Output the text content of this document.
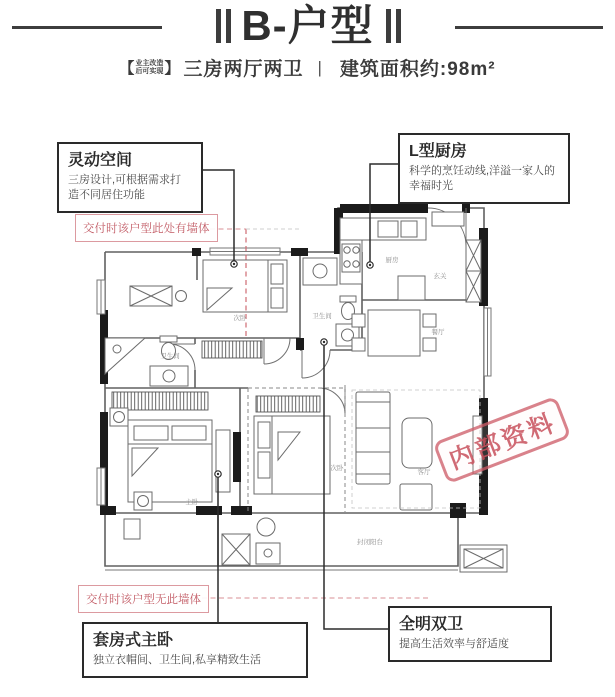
B-户型
【 业主改造
后可实现 】 三房两厅两卫 | 建筑面积约:98m²
次卧
厨房
玄关
餐厅
卫生间
卫生间
主卧
次卧
客厅
封闭阳台
灵动空间
三房设计,可根据需求打造不同居住功能
L型厨房
科学的烹饪动线,洋溢一家人的幸福时光
套房式主卧
独立衣帽间、卫生间,私享精致生活
全明双卫
提高生活效率与舒适度
交付时该户型此处有墙体
交付时该户型无此墙体
内部资料
